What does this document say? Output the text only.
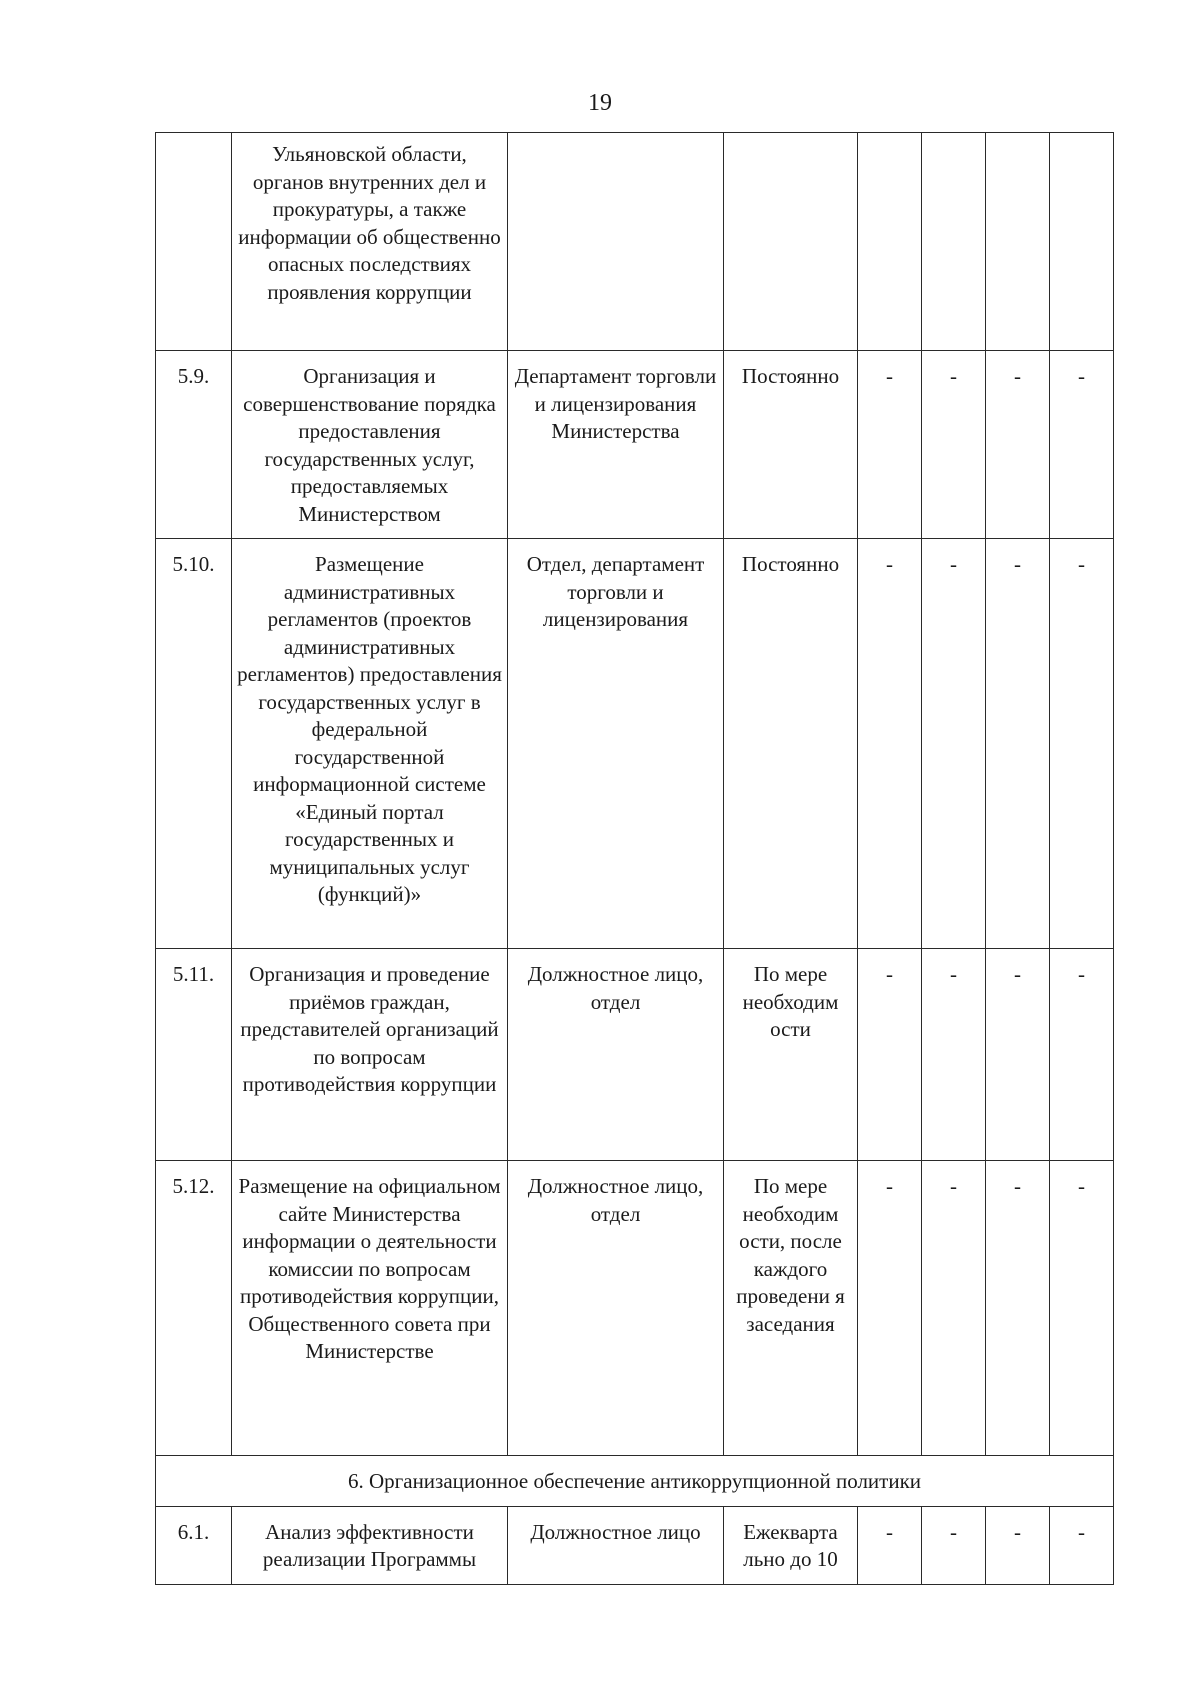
19
	Ульяновской области, органов внутренних дел и прокуратуры, а также информации об общественно опасных последствиях проявления коррупции						
5.9.	Организация и совершенствование порядка предоставления государственных услуг, предоставляемых Министерством	Департамент торговли и лицензирования Министерства	Постоянно	-	-	-	-
5.10.	Размещение административных регламентов (проектов административных регламентов) предоставления государственных услуг в федеральной государственной информационной системе «Единый портал государственных и муниципальных услуг (функций)»	Отдел, департамент торговли и лицензирования	Постоянно	-	-	-	-
5.11.	Организация и проведение приёмов граждан, представителей организаций по вопросам противодействия коррупции	Должностное лицо, отдел	По мере необходим ости	-	-	-	-
5.12.	Размещение на официальном сайте Министерства информации о деятельности комиссии по вопросам противодействия коррупции, Общественного совета при Министерстве	Должностное лицо, отдел	По мере необходим ости, после каждого проведени я заседания	-	-	-	-
6. Организационное обеспечение антикоррупционной политики							
6.1.	Анализ эффективности реализации Программы	Должностное лицо	Ежекварта льно до 10	-	-	-	-
